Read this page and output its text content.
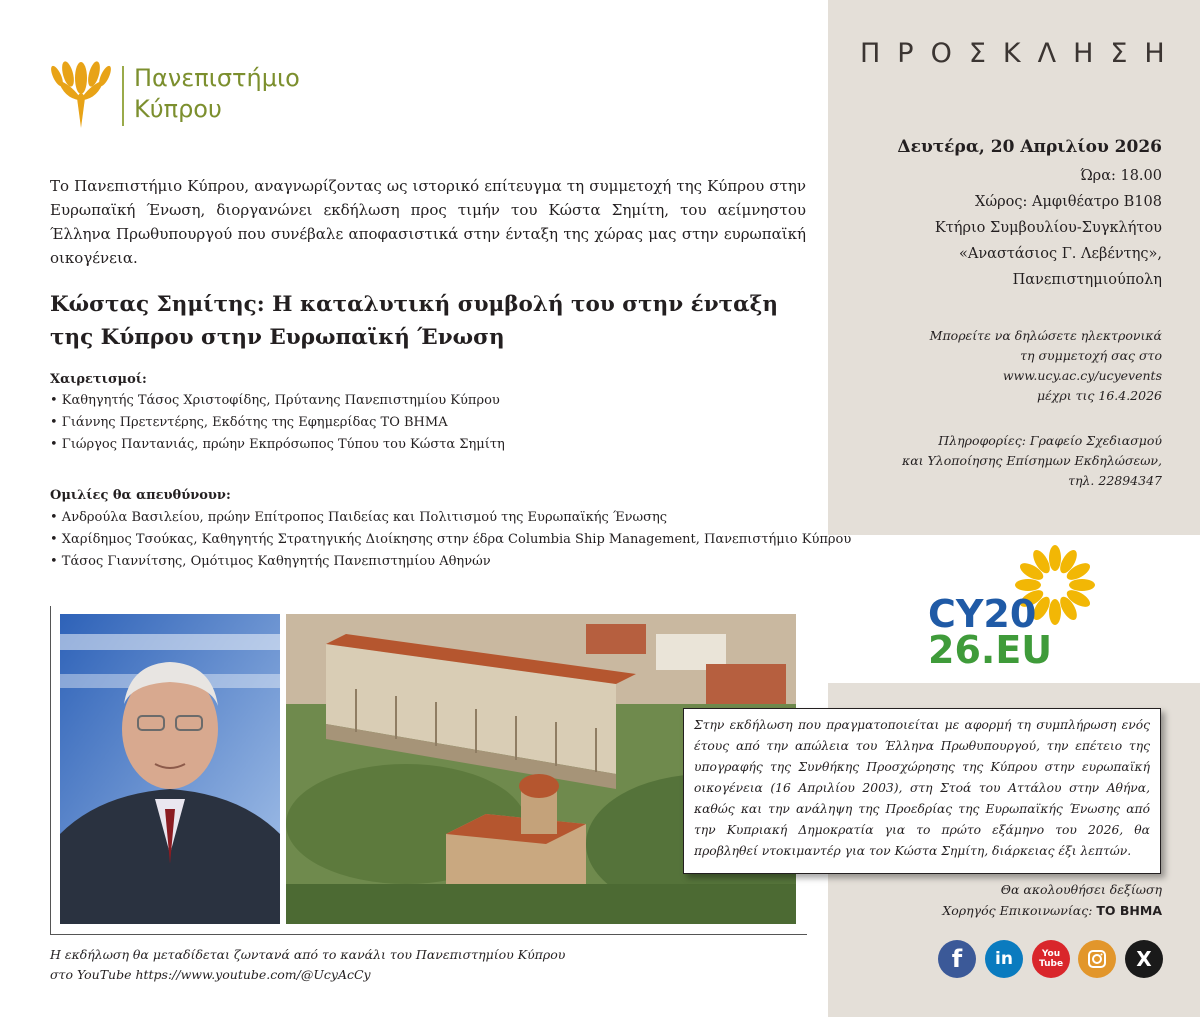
Πανεπιστήμιο
Κύπρου
ΠΡΟΣΚΛΗΣΗ
Δευτέρα, 20 Απριλίου 2026
Ώρα: 18.00
Χώρος: Αμφιθέατρο Β108
Κτήριο Συμβουλίου-Συγκλήτου
«Αναστάσιος Γ. Λεβέντης»,
Πανεπιστημιούπολη
Μπορείτε να δηλώσετε ηλεκτρονικά
τη συμμετοχή σας στο
www.ucy.ac.cy/ucyevents
μέχρι τις 16.4.2026
Πληροφορίες: Γραφείο Σχεδιασμού
και Υλοποίησης Επίσημων Εκδηλώσεων,
τηλ. 22894347
CY20
26.EU
Το Πανεπιστήμιο Κύπρου, αναγνωρίζοντας ως ιστορικό επίτευγμα τη συμμετοχή της Κύπρου στην Ευρωπαϊκή Ένωση, διοργανώνει εκδήλωση προς τιμήν του Κώστα Σημίτη, του αείμνηστου Έλληνα Πρωθυπουργού που συνέβαλε αποφασιστικά στην ένταξη της χώρας μας στην ευρωπαϊκή οικογένεια.
Κώστας Σημίτης: Η καταλυτική συμβολή του στην ένταξη
της Κύπρου στην Ευρωπαϊκή Ένωση
Χαιρετισμοί:
• Καθηγητής Τάσος Χριστοφίδης, Πρύτανης Πανεπιστημίου Κύπρου
• Γιάννης Πρετεντέρης, Εκδότης της Εφημερίδας ΤΟ ΒΗΜΑ
• Γιώργος Παντανιάς, πρώην Εκπρόσωπος Τύπου του Κώστα Σημίτη
Ομιλίες θα απευθύνουν:
• Ανδρούλα Βασιλείου, πρώην Επίτροπος Παιδείας και Πολιτισμού της Ευρωπαϊκής Ένωσης
• Χαρίδημος Τσούκας, Καθηγητής Στρατηγικής Διοίκησης στην έδρα Columbia Ship Management, Πανεπιστήμιο Κύπρου
• Τάσος Γιαννίτσης, Ομότιμος Καθηγητής Πανεπιστημίου Αθηνών
Στην εκδήλωση που πραγματοποιείται με αφορμή τη συμπλήρωση ενός έτους από την απώλεια του Έλληνα Πρωθυπουργού, την επέτειο της υπογραφής της Συνθήκης Προσχώρησης της Κύπρου στην ευρωπαϊκή οικογένεια (16 Απριλίου 2003), στη Στοά του Αττάλου στην Αθήνα, καθώς και την ανάληψη της Προεδρίας της Ευρωπαϊκής Ένωσης από την Κυπριακή Δημοκρατία για το πρώτο εξάμηνο του 2026, θα προβληθεί ντοκιμαντέρ για τον Κώστα Σημίτη, διάρκειας έξι λεπτών.
Θα ακολουθήσει δεξίωση
Χορηγός Επικοινωνίας: ΤΟ ΒΗΜΑ
Η εκδήλωση θα μεταδίδεται ζωντανά από το κανάλι του Πανεπιστημίου Κύπρου
στο YouTube https://www.youtube.com/@UcyAcCy
f in	You Tube	X
